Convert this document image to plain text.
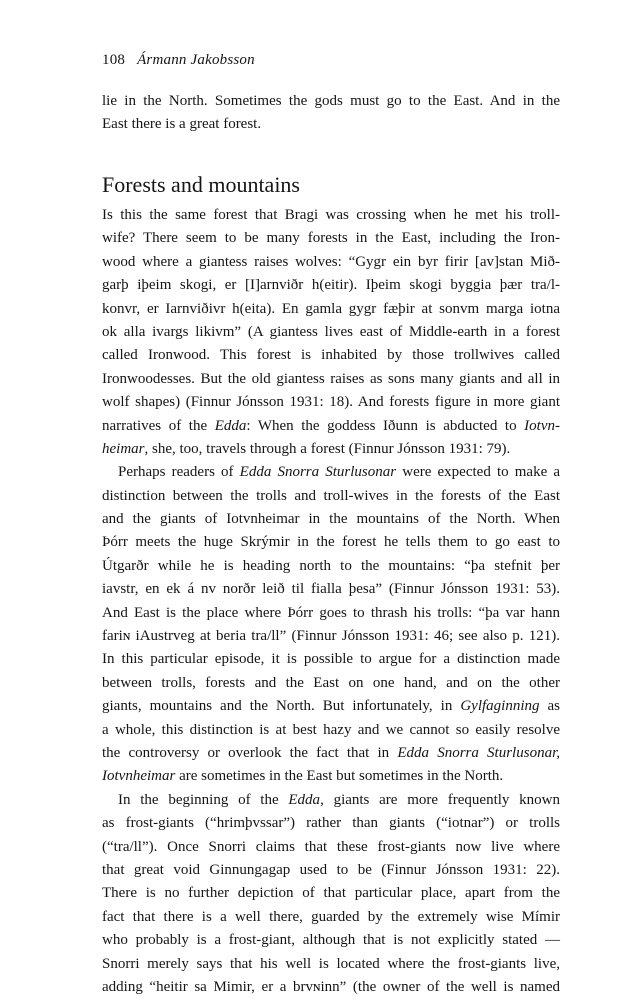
108 Ármann Jakobsson
lie in the North. Sometimes the gods must go to the East. And in the
East there is a great forest.
Forests and mountains
Is this the same forest that Bragi was crossing when he met his troll-
wife? There seem to be many forests in the East, including the Iron-
wood where a giantess raises wolves: “Gygr ein byr firir [av]stan Mið-
garþ iþeim skogi, er [I]arnviðr h(eitir). Iþeim skogi byggia þær tra/l-
konvr, er Iarnviðivr h(eita). En gamla gygr fæþir at sonvm marga iotna
ok alla ivargs likivm” (A giantess lives east of Middle-earth in a forest
called Ironwood. This forest is inhabited by those trollwives called
Ironwoodesses. But the old giantess raises as sons many giants and all in
wolf shapes) (Finnur Jónsson 1931: 18). And forests figure in more giant
narratives of the Edda: When the goddess Iðunn is abducted to Iotvn-
heimar, she, too, travels through a forest (Finnur Jónsson 1931: 79).
Perhaps readers of Edda Snorra Sturlusonar were expected to make a
distinction between the trolls and troll-wives in the forests of the East
and the giants of Iotvnheimar in the mountains of the North. When
Þórr meets the huge Skrýmir in the forest he tells them to go east to
Útgarðr while he is heading north to the mountains: “þa stefnit þer
iavstr, en ek á nv norðr leið til fialla þesa” (Finnur Jónsson 1931: 53).
And East is the place where Þórr goes to thrash his trolls: “þa var hann
fariɴ iAustrveg at beria tra/ll” (Finnur Jónsson 1931: 46; see also p. 121).
In this particular episode, it is possible to argue for a distinction made
between trolls, forests and the East on one hand, and on the other
giants, mountains and the North. But infortunately, in Gylfaginning as
a whole, this distinction is at best hazy and we cannot so easily resolve
the controversy or overlook the fact that in Edda Snorra Sturlusonar,
Iotvnheimar are sometimes in the East but sometimes in the North.
In the beginning of the Edda, giants are more frequently known
as frost-giants (“hrimþvssar”) rather than giants (“iotnar”) or trolls
(“tra/ll”). Once Snorri claims that these frost-giants now live where
that great void Ginnungagap used to be (Finnur Jónsson 1931: 22).
There is no further depiction of that particular place, apart from the
fact that there is a well there, guarded by the extremely wise Mímir
who probably is a frost-giant, although that is not explicitly stated —
Snorri merely says that his well is located where the frost-giants live,
adding “heitir sa Mimir, er a brvɴinn” (the owner of the well is named
